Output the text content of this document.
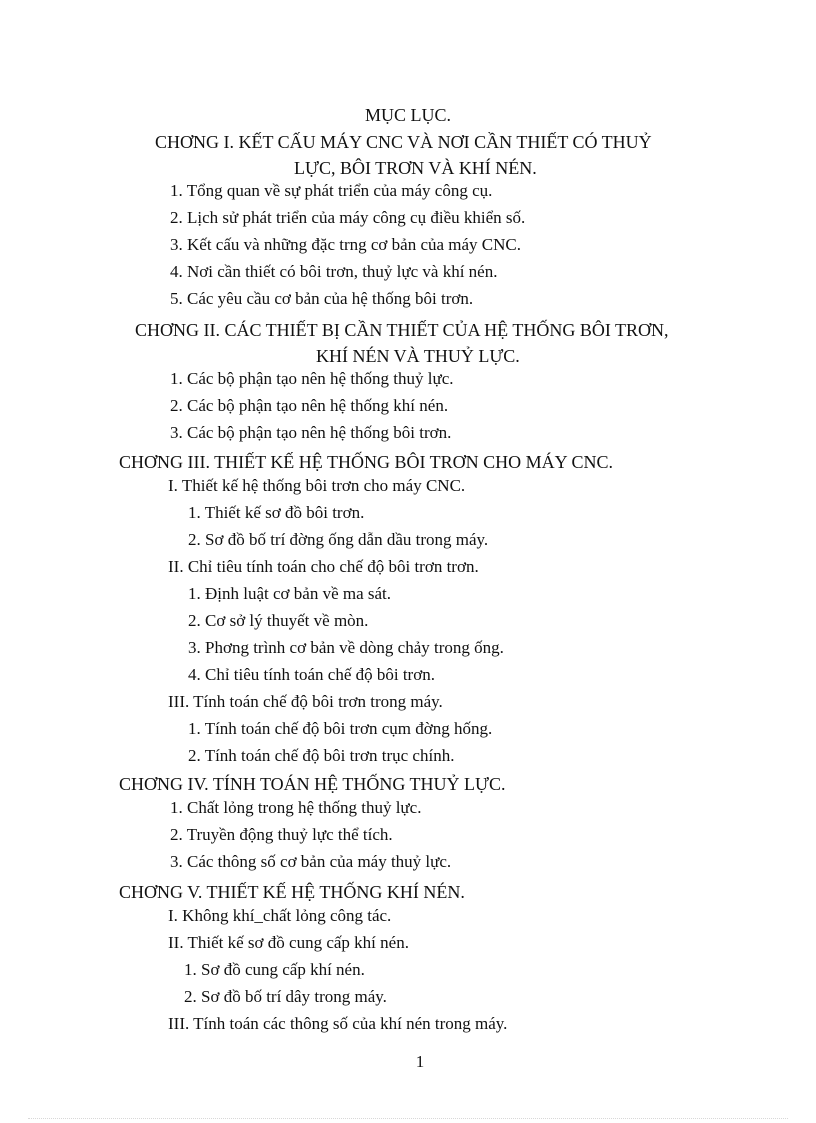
MỤC LỤC.
CHƠNG I. KẾT CẤU MÁY CNC VÀ NƠI CẦN THIẾT CÓ THUỶ
LỰC, BÔI TRƠN VÀ KHÍ NÉN.
1. Tổng quan về sự phát triển của máy công cụ.
2. Lịch sử phát triển của máy công cụ điều khiển số.
3. Kết cấu và những đặc trng cơ bản của máy CNC.
4. Nơi cần thiết có bôi trơn, thuỷ lực và khí nén.
5. Các yêu cầu cơ bản của hệ thống bôi trơn.
CHƠNG II. CÁC THIẾT BỊ CẦN THIẾT CỦA HỆ THỐNG BÔI TRƠN,
KHÍ NÉN VÀ THUỶ LỰC.
1. Các bộ phận tạo nên hệ thống thuỷ lực.
2. Các bộ phận tạo nên hệ thống khí nén.
3. Các bộ phận tạo nên hệ thống bôi trơn.
CHƠNG III. THIẾT KẾ HỆ THỐNG BÔI TRƠN CHO MÁY CNC.
I. Thiết kế hệ thống bôi trơn cho máy CNC.
1. Thiết kế sơ đồ bôi trơn.
2. Sơ đồ bố trí đờng ống dẫn dầu trong máy.
II. Chỉ tiêu tính toán cho chế độ bôi trơn trơn.
1. Định luật cơ bản về ma sát.
2. Cơ sở lý thuyết về mòn.
3. Phơng trình cơ bản về dòng chảy trong ống.
4. Chỉ tiêu tính toán chế độ bôi trơn.
III. Tính toán chế độ bôi trơn trong máy.
1. Tính toán chế độ bôi trơn cụm đờng hống.
2. Tính toán chế độ bôi trơn trục chính.
CHƠNG IV. TÍNH TOÁN HỆ THỐNG THUỶ LỰC.
1. Chất lỏng trong hệ thống thuỷ lực.
2. Truyền động thuỷ lực thể tích.
3. Các thông số cơ bản của máy thuỷ lực.
CHƠNG V. THIẾT KẾ HỆ THỐNG KHÍ NÉN.
I. Không khí_chất lỏng công tác.
II. Thiết kế sơ đồ cung cấp khí nén.
1. Sơ đồ cung cấp khí nén.
2. Sơ đồ bố trí dây trong máy.
III. Tính toán các thông số của khí nén trong máy.
1
